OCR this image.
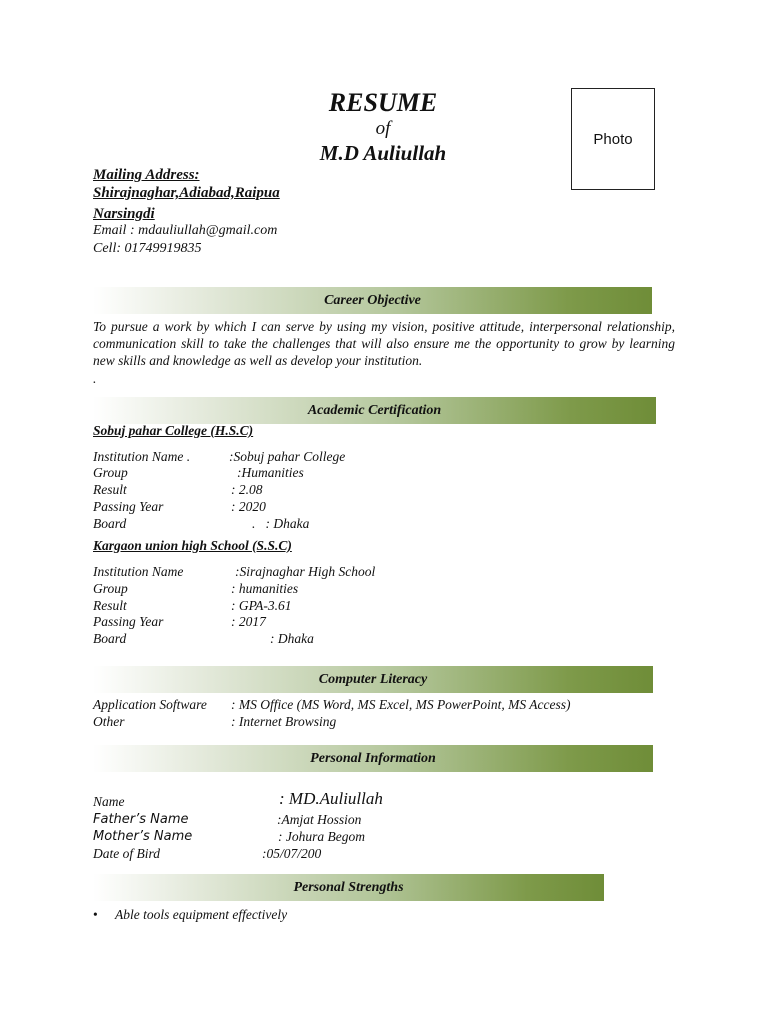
RESUME
of
M.D Auliullah
Photo
Mailing Address:
Shirajnaghar,Adiabad,Raipua
Narsingdi
Email : mdauliullah@gmail.com
Cell: 01749919835
Career Objective
To pursue a work by which I can serve by using my vision, positive attitude, interpersonal relationship, communication skill to take the challenges that will also ensure me the opportunity to grow by learning new skills and knowledge as well as develop your institution.
.
Academic Certification
Sobuj pahar College (H.S.C)
Institution Name .	:Sobuj pahar College
Group	:Humanities
Result	: 2.08
Passing Year	: 2020
Board	.   : Dhaka
Kargaon union high School (S.S.C)
Institution Name	:Sirajnaghar High School
Group	: humanities
Result	: GPA-3.61
Passing Year	: 2017
Board	: Dhaka
Computer Literacy
Application Software : MS Office (MS Word, MS Excel, MS PowerPoint, MS Access)
Other	: Internet Browsing
Personal Information
Name	: MD.Auliullah
Father’s Name	:Amjat Hossion
Mother’s Name	: Johura Begom
Date of Bird	:05/07/200
Personal Strengths
• Able tools equipment effectively
